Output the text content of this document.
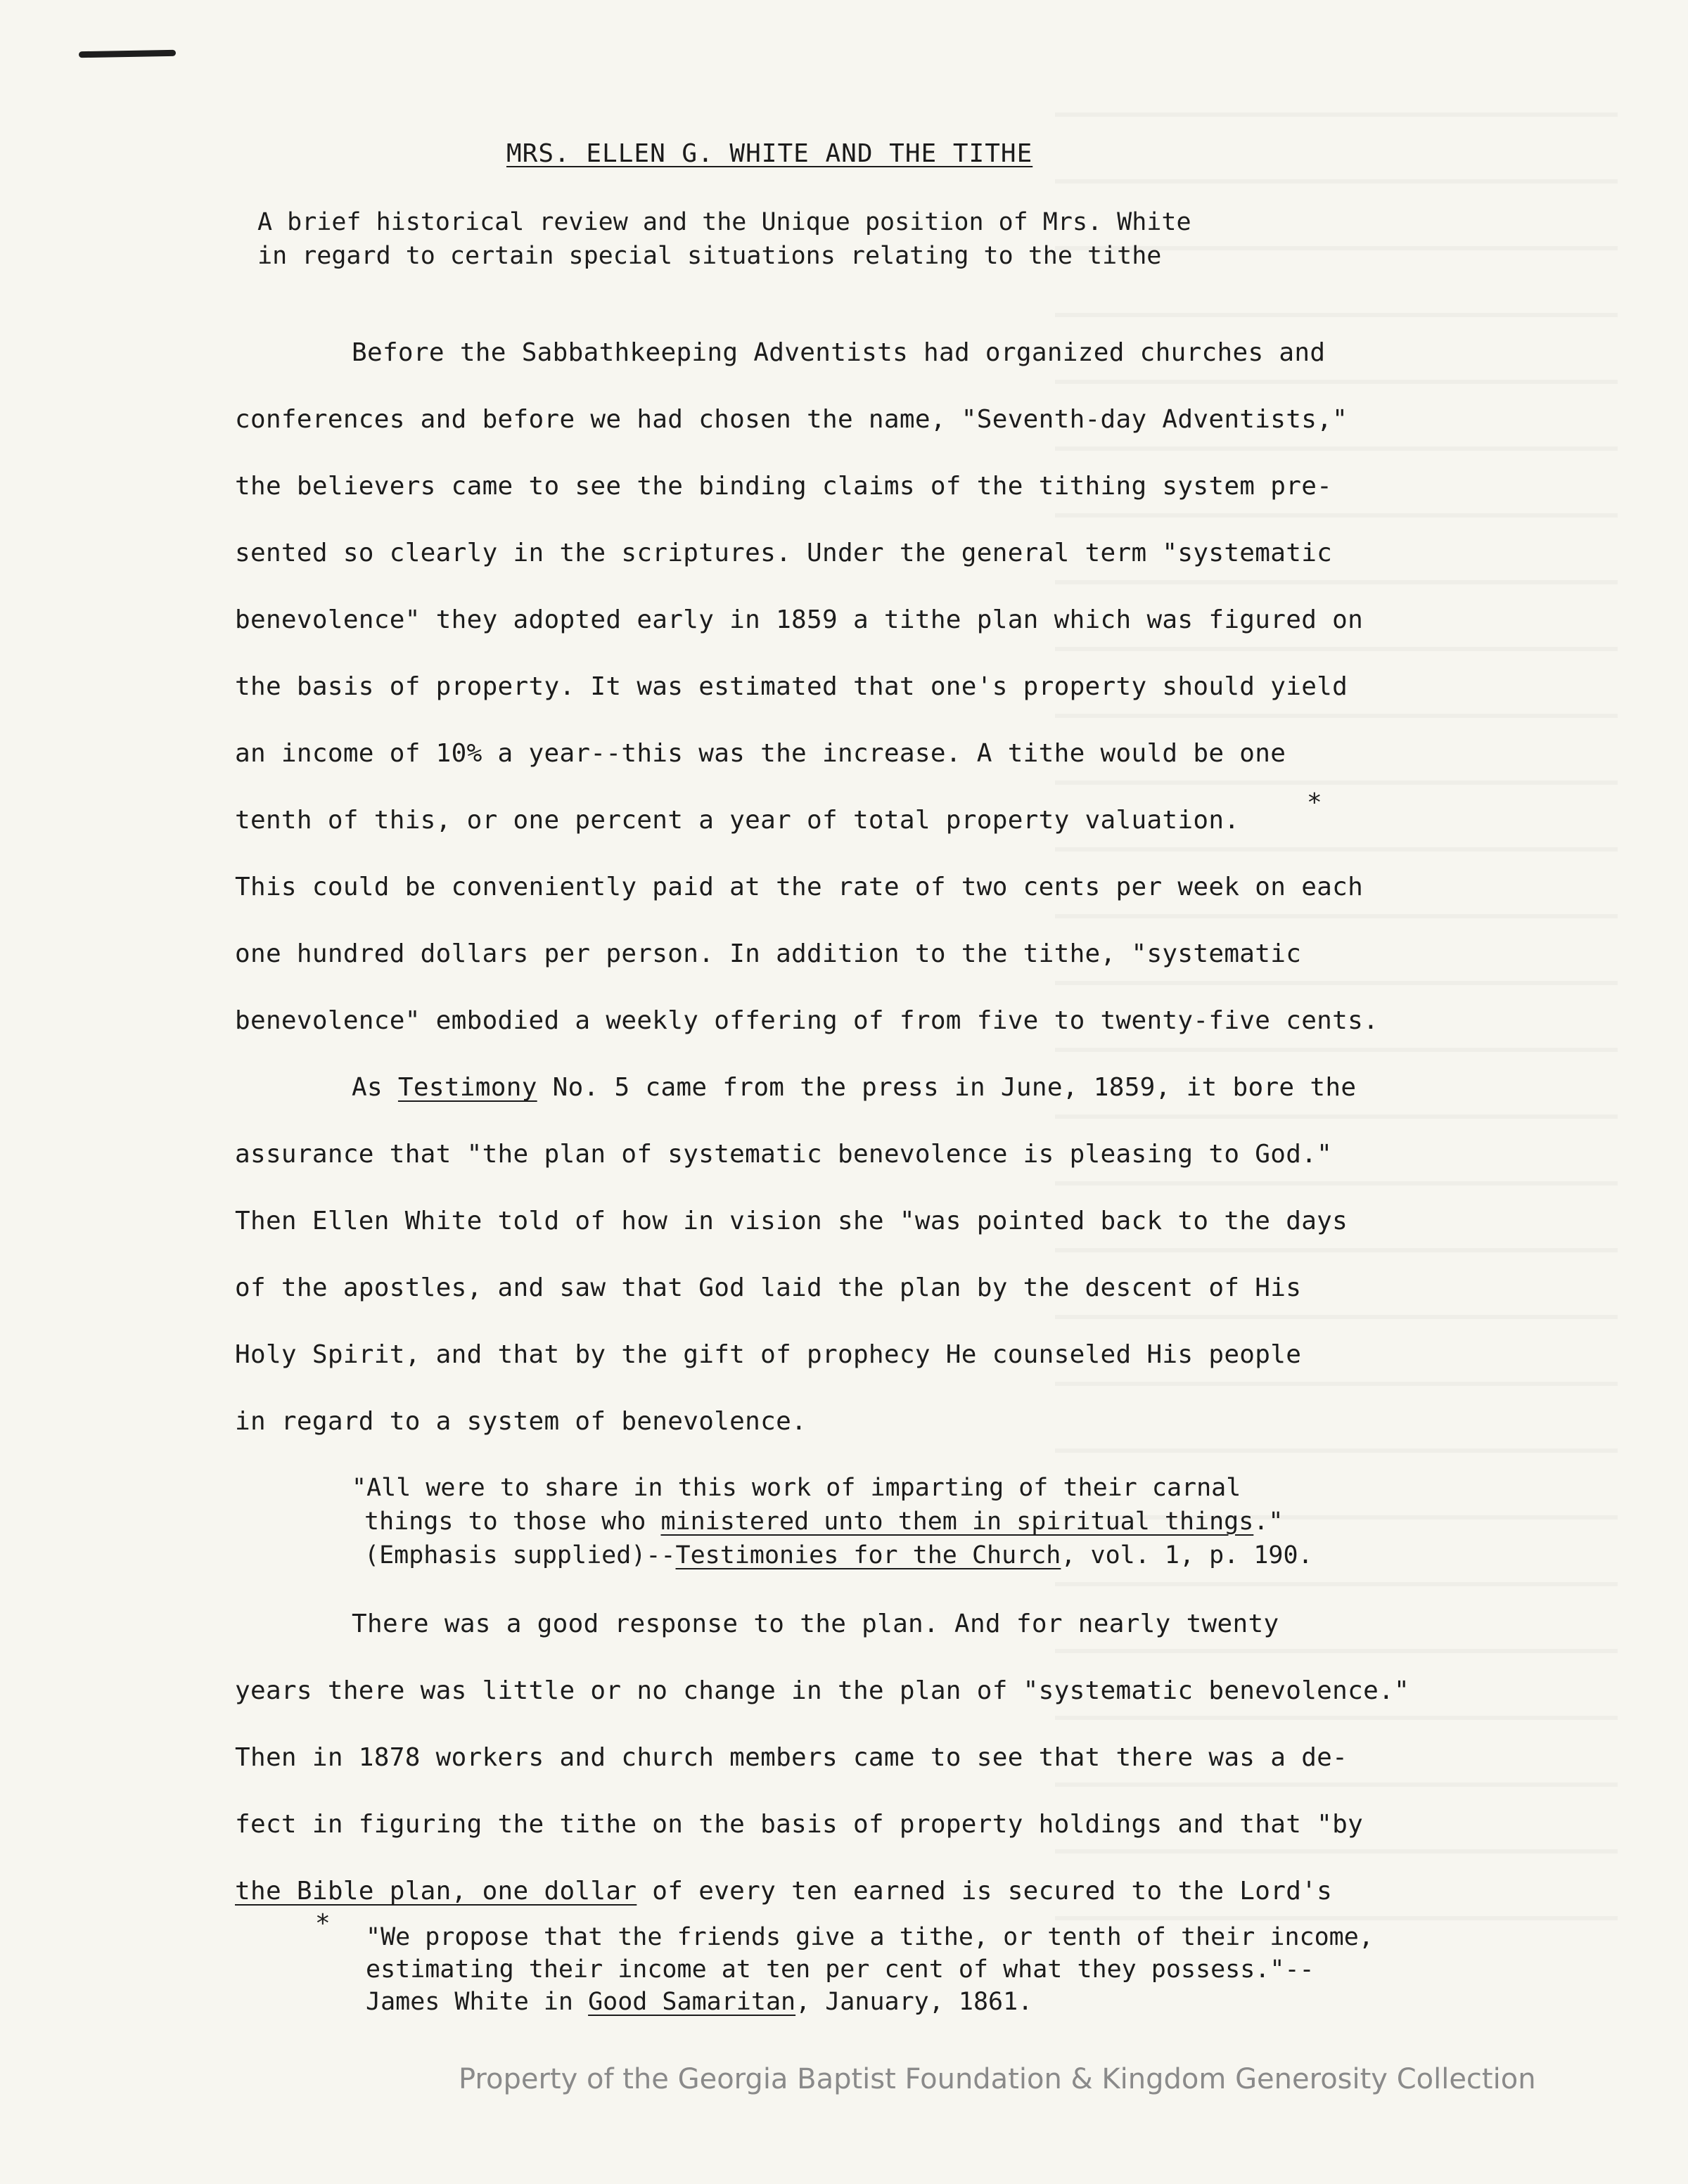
MRS. ELLEN G. WHITE AND THE TITHE
A brief historical review and the Unique position of Mrs. White
in regard to certain special situations relating to the tithe
Before the Sabbathkeeping Adventists had organized churches and
conferences and before we had chosen the name, "Seventh-day Adventists,"
the believers came to see the binding claims of the tithing system pre-
sented so clearly in the scriptures. Under the general term "systematic
benevolence" they adopted early in 1859 a tithe plan which was figured on
the basis of property. It was estimated that one's property should yield
an income of 10% a year--this was the increase. A tithe would be one
tenth of this, or one percent a year of total property valuation.
This could be conveniently paid at the rate of two cents per week on each
one hundred dollars per person. In addition to the tithe, "systematic
benevolence" embodied a weekly offering of from five to twenty-five cents.
As Testimony No. 5 came from the press in June, 1859, it bore the
assurance that "the plan of systematic benevolence is pleasing to God."
Then Ellen White told of how in vision she "was pointed back to the days
of the apostles, and saw that God laid the plan by the descent of His
Holy Spirit, and that by the gift of prophecy He counseled His people
in regard to a system of benevolence.
*
"All were to share in this work of imparting of their carnal
things to those who ministered unto them in spiritual things."
(Emphasis supplied)--Testimonies for the Church, vol. 1, p. 190.
There was a good response to the plan. And for nearly twenty
years there was little or no change in the plan of "systematic benevolence."
Then in 1878 workers and church members came to see that there was a de-
fect in figuring the tithe on the basis of property holdings and that "by
the Bible plan, one dollar of every ten earned is secured to the Lord's
* "We propose that the friends give a tithe, or tenth of their income,
estimating their income at ten per cent of what they possess."--
James White in Good Samaritan, January, 1861.
Property of the Georgia Baptist Foundation & Kingdom Generosity Collection
